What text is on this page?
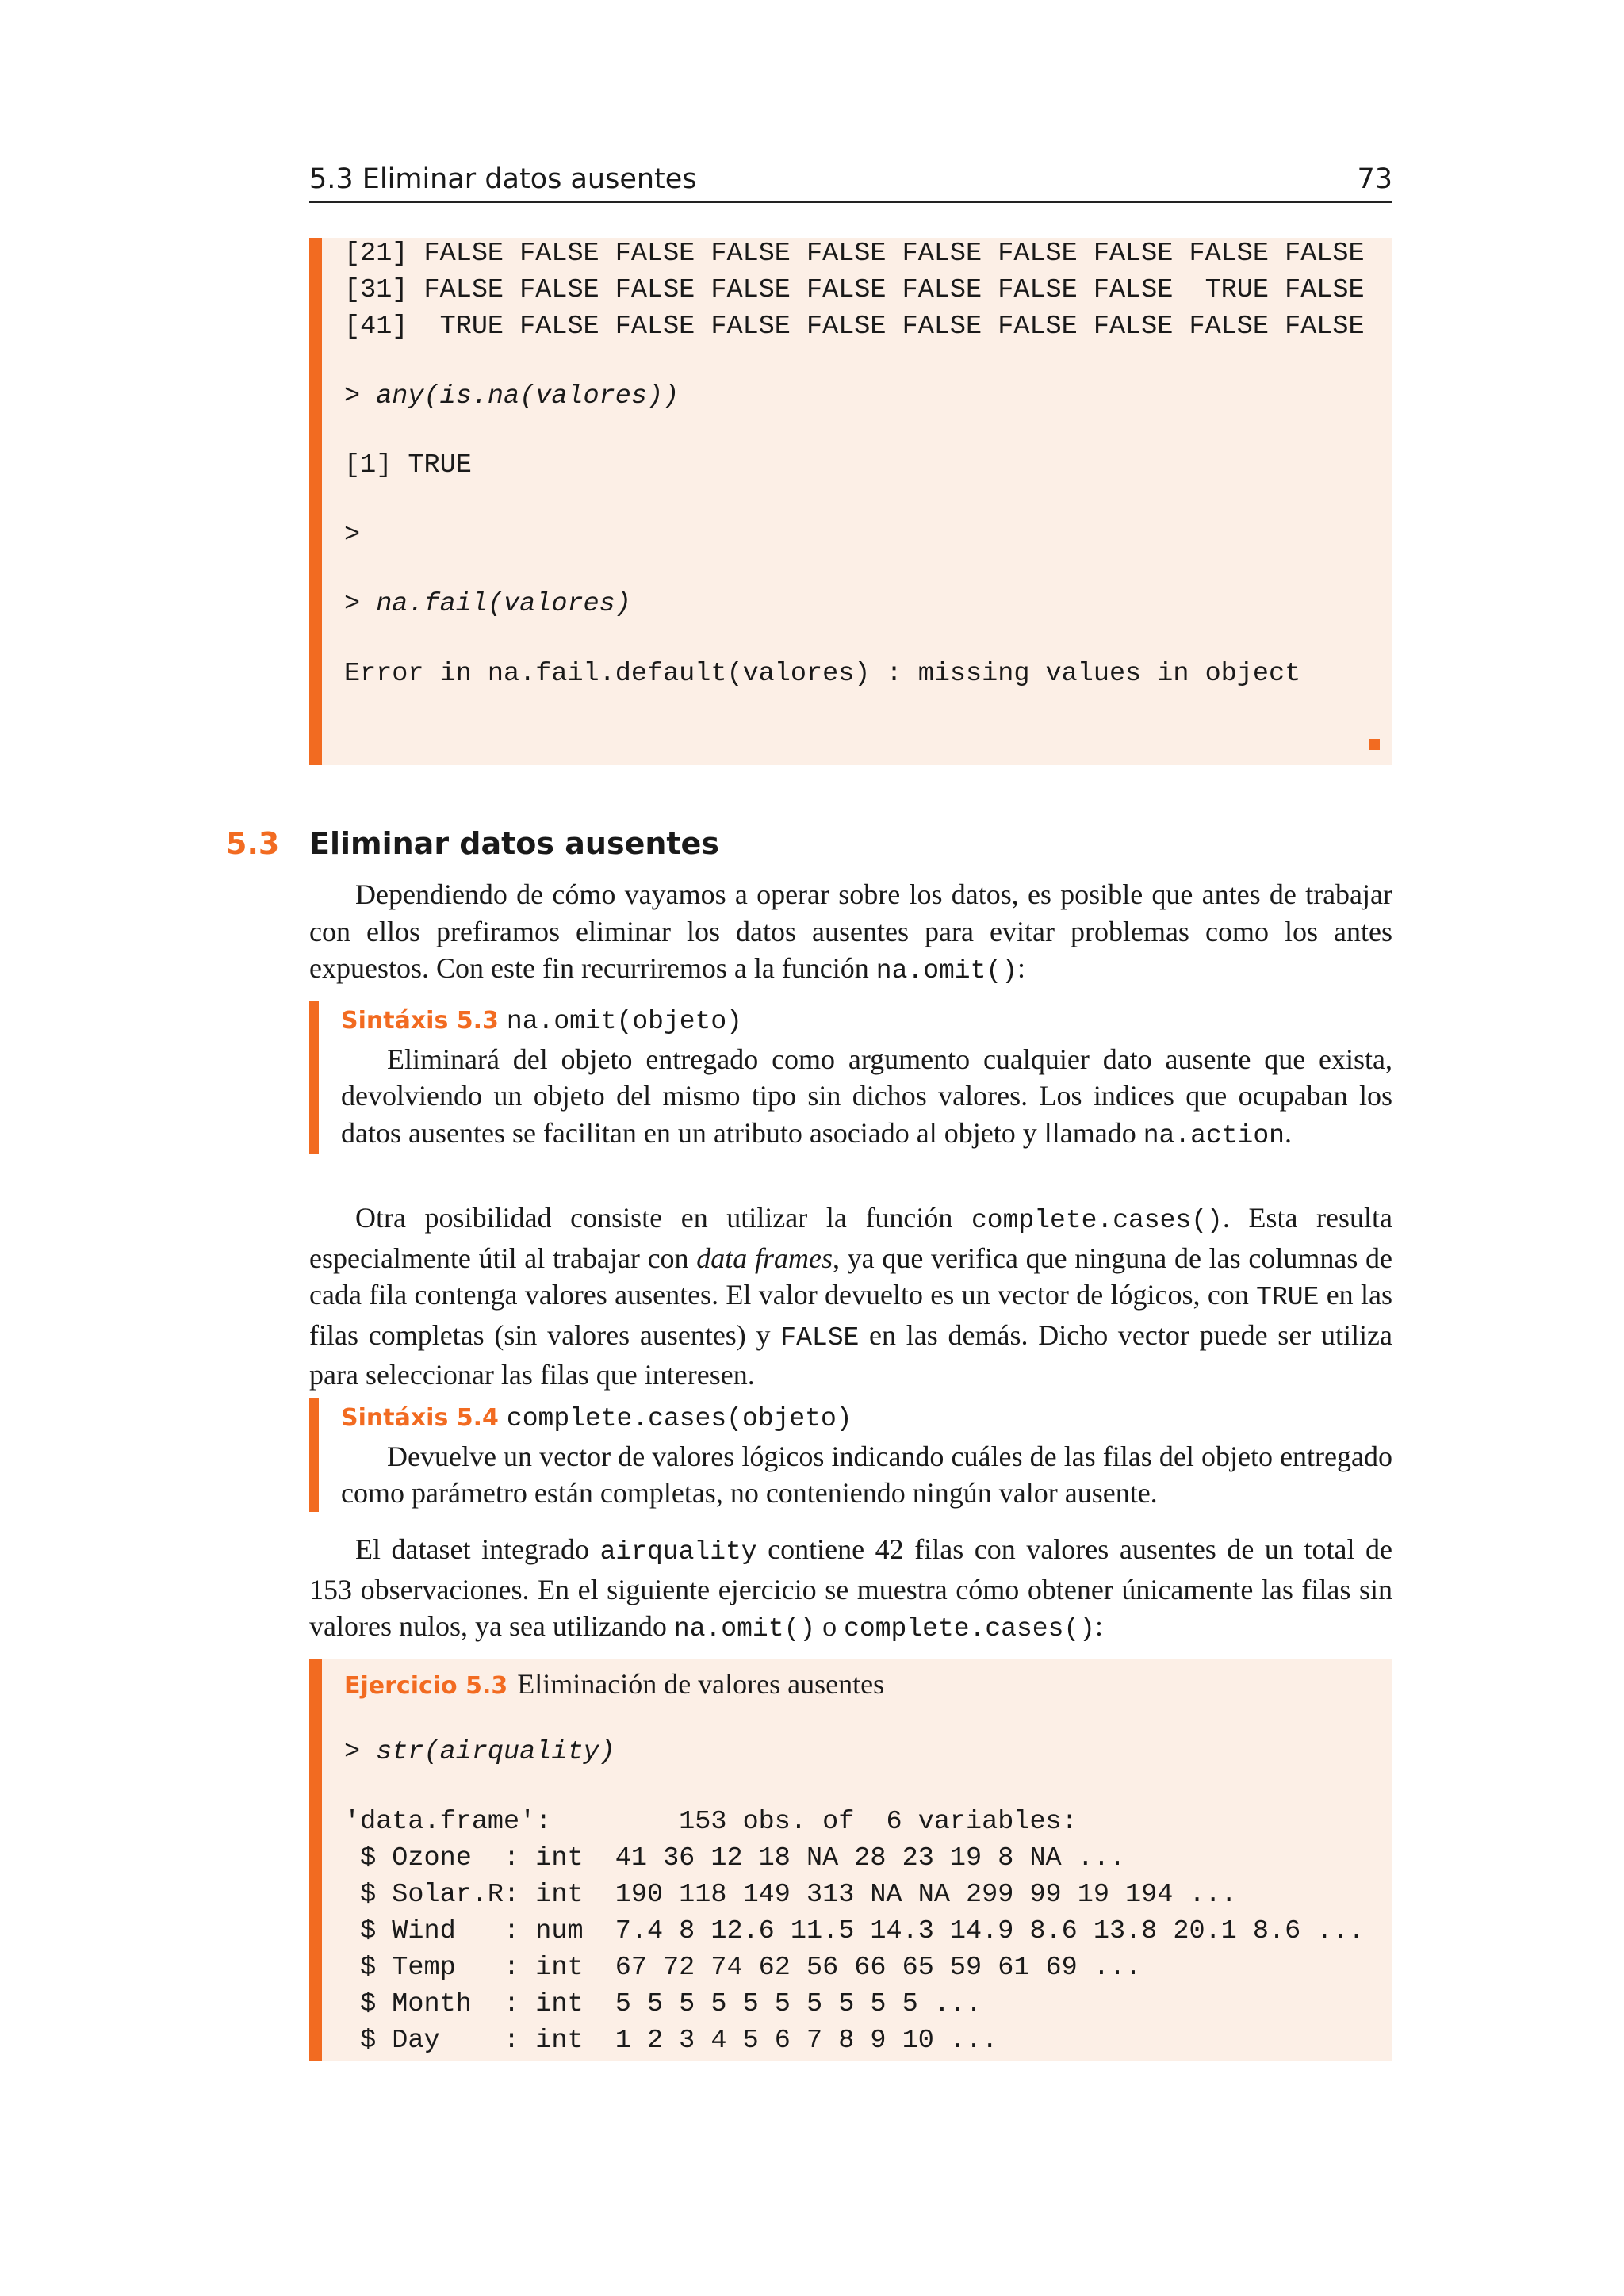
5.3 Eliminar datos ausentes	73
[21] FALSE FALSE FALSE FALSE FALSE FALSE FALSE FALSE FALSE FALSE
[31] FALSE FALSE FALSE FALSE FALSE FALSE FALSE FALSE  TRUE FALSE
[41]  TRUE FALSE FALSE FALSE FALSE FALSE FALSE FALSE FALSE FALSE
> any(is.na(valores))
[1] TRUE
>
> na.fail(valores)
Error in na.fail.default(valores) : missing values in object
5.3 Eliminar datos ausentes
Dependiendo de cómo vayamos a operar sobre los datos, es posible que antes de trabajar con ellos prefiramos eliminar los datos ausentes para evitar problemas como los antes expuestos. Con este fin recurriremos a la función na.omit():
Sintáxis 5.3 na.omit(objeto)
Eliminará del objeto entregado como argumento cualquier dato ausente que exista, devolviendo un objeto del mismo tipo sin dichos valores. Los indices que ocupaban los datos ausentes se facilitan en un atributo asociado al objeto y llamado na.action.
Otra posibilidad consiste en utilizar la función complete.cases(). Esta resulta especialmente útil al trabajar con data frames, ya que verifica que ninguna de las columnas de cada fila contenga valores ausentes. El valor devuelto es un vector de lógicos, con TRUE en las filas completas (sin valores ausentes) y FALSE en las demás. Dicho vector puede ser utiliza para seleccionar las filas que interesen.
Sintáxis 5.4 complete.cases(objeto)
Devuelve un vector de valores lógicos indicando cuáles de las filas del objeto entregado como parámetro están completas, no conteniendo ningún valor ausente.
El dataset integrado airquality contiene 42 filas con valores ausentes de un total de 153 observaciones. En el siguiente ejercicio se muestra cómo obtener únicamente las filas sin valores nulos, ya sea utilizando na.omit() o complete.cases():
Ejercicio 5.3 Eliminación de valores ausentes
> str(airquality)
'data.frame':        153 obs. of  6 variables:
$ Ozone  : int  41 36 12 18 NA 28 23 19 8 NA ...
$ Solar.R: int  190 118 149 313 NA NA 299 99 19 194 ...
$ Wind   : num  7.4 8 12.6 11.5 14.3 14.9 8.6 13.8 20.1 8.6 ...
$ Temp   : int  67 72 74 62 56 66 65 59 61 69 ...
$ Month  : int  5 5 5 5 5 5 5 5 5 5 ...
$ Day    : int  1 2 3 4 5 6 7 8 9 10 ...
